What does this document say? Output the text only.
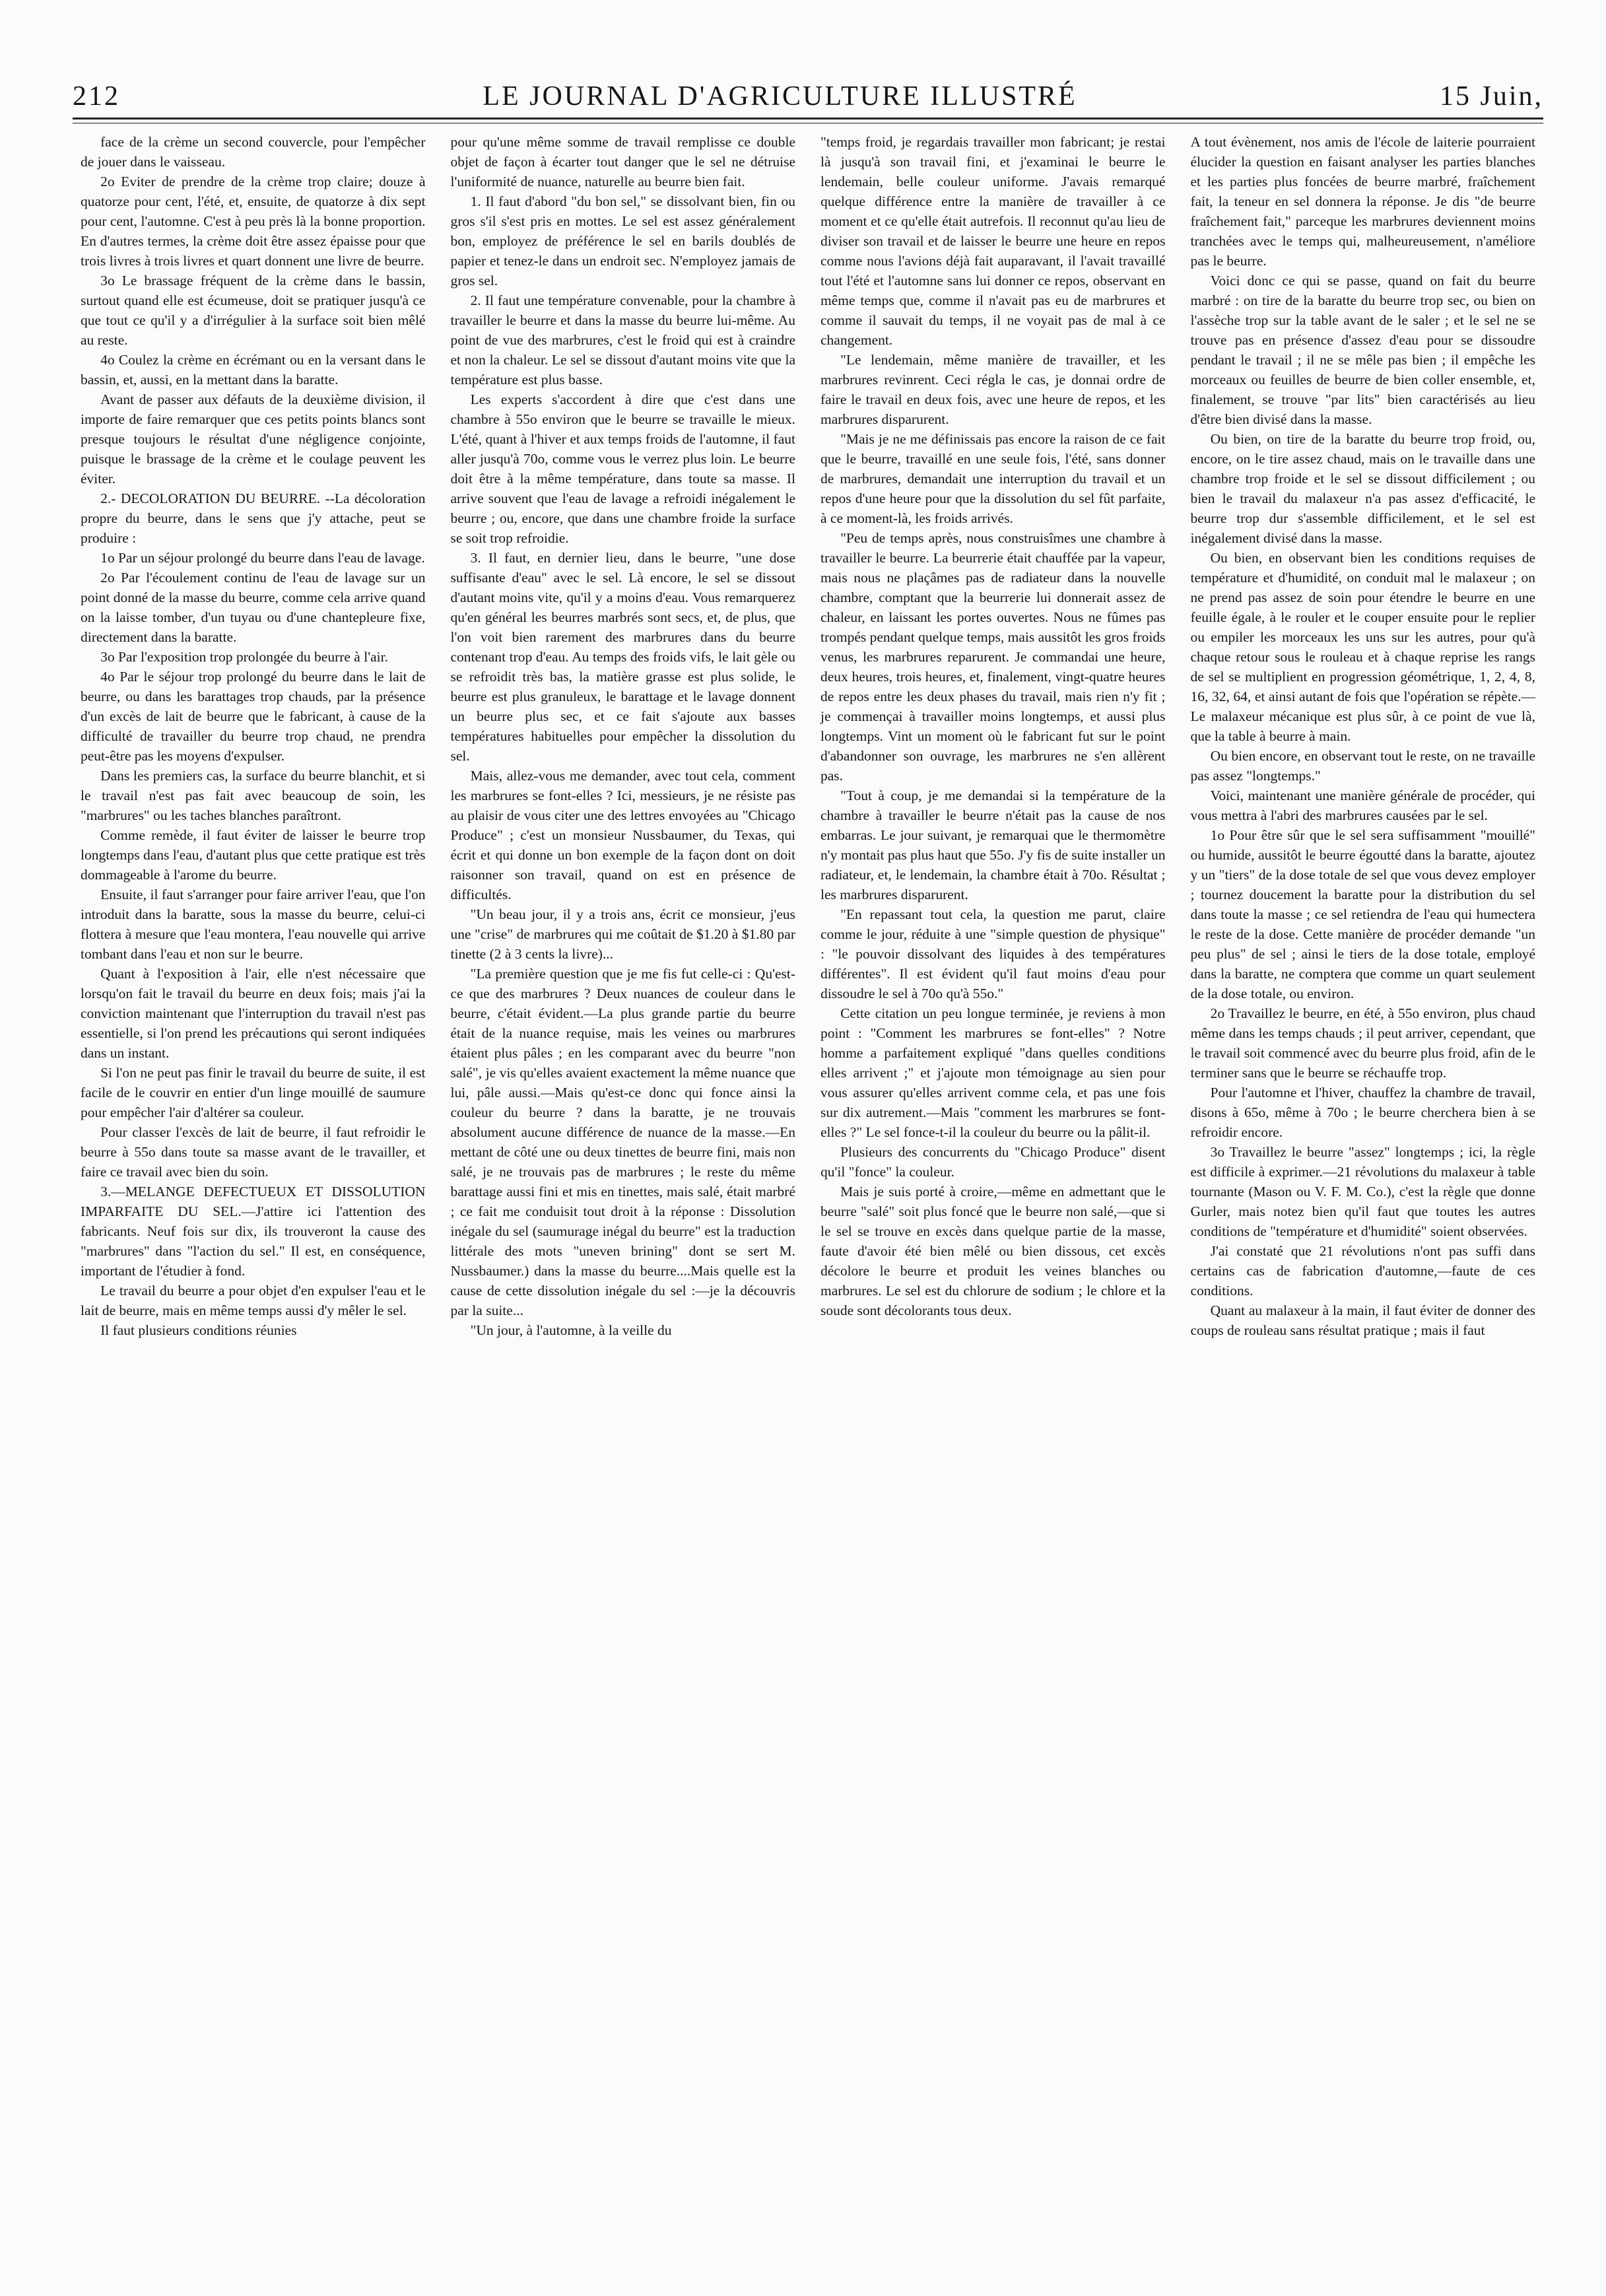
212	LE JOURNAL D'AGRICULTURE ILLUSTRÉ	15 Juin,

face de la crème un second couvercle, pour l'empêcher de jouer dans le vaisseau.

2o Eviter de prendre de la crème trop claire; douze à quatorze pour cent, l'été, et, ensuite, de quatorze à dix sept pour cent, l'automne. C'est à peu près là la bonne proportion. En d'autres termes, la crème doit être assez épaisse pour que trois livres à trois livres et quart donnent une livre de beurre.

3o Le brassage fréquent de la crème dans le bassin, surtout quand elle est écumeuse, doit se pratiquer jusqu'à ce que tout ce qu'il y a d'irrégulier à la surface soit bien mêlé au reste.

4o Coulez la crème en écrémant ou en la versant dans le bassin, et, aussi, en la mettant dans la baratte.

Avant de passer aux défauts de la deuxième division, il importe de faire remarquer que ces petits points blancs sont presque toujours le résultat d'une négligence conjointe, puisque le brassage de la crème et le coulage peuvent les éviter.

2.- DECOLORATION DU BEURRE. --La décoloration propre du beurre, dans le sens que j'y attache, peut se produire :

1o Par un séjour prolongé du beurre dans l'eau de lavage.

2o Par l'écoulement continu de l'eau de lavage sur un point donné de la masse du beurre, comme cela arrive quand on la laisse tomber, d'un tuyau ou d'une chantepleure fixe, directement dans la baratte.

3o Par l'exposition trop prolongée du beurre à l'air.

4o Par le séjour trop prolongé du beurre dans le lait de beurre, ou dans les barattages trop chauds, par la présence d'un excès de lait de beurre que le fabricant, à cause de la difficulté de travailler du beurre trop chaud, ne prendra peut-être pas les moyens d'expulser.

Dans les premiers cas, la surface du beurre blanchit, et si le travail n'est pas fait avec beaucoup de soin, les "marbrures" ou les taches blanches paraîtront.

Comme remède, il faut éviter de laisser le beurre trop longtemps dans l'eau, d'autant plus que cette pratique est très dommageable à l'arome du beurre.

Ensuite, il faut s'arranger pour faire arriver l'eau, que l'on introduit dans la baratte, sous la masse du beurre, celui-ci flottera à mesure que l'eau montera, l'eau nouvelle qui arrive tombant dans l'eau et non sur le beurre.

Quant à l'exposition à l'air, elle n'est nécessaire que lorsqu'on fait le travail du beurre en deux fois; mais j'ai la conviction maintenant que l'interruption du travail n'est pas essentielle, si l'on prend les précautions qui seront indiquées dans un instant.

Si l'on ne peut pas finir le travail du beurre de suite, il est facile de le couvrir en entier d'un linge mouillé de saumure pour empêcher l'air d'altérer sa couleur.

Pour classer l'excès de lait de beurre, il faut refroidir le beurre à 55o dans toute sa masse avant de le travailler, et faire ce travail avec bien du soin.

3.—MELANGE DEFECTUEUX ET DISSOLUTION IMPARFAITE DU SEL.—J'attire ici l'attention des fabricants. Neuf fois sur dix, ils trouveront la cause des "marbrures" dans "l'action du sel." Il est, en conséquence, important de l'étudier à fond.

Le travail du beurre a pour objet d'en expulser l'eau et le lait de beurre, mais en même temps aussi d'y mêler le sel.

Il faut plusieurs conditions réunies

pour qu'une même somme de travail remplisse ce double objet de façon à écarter tout danger que le sel ne détruise l'uniformité de nuance, naturelle au beurre bien fait.

1. Il faut d'abord "du bon sel," se dissolvant bien, fin ou gros s'il s'est pris en mottes. Le sel est assez généralement bon, employez de préférence le sel en barils doublés de papier et tenez-le dans un endroit sec. N'employez jamais de gros sel.

2. Il faut une température convenable, pour la chambre à travailler le beurre et dans la masse du beurre lui-même. Au point de vue des marbrures, c'est le froid qui est à craindre et non la chaleur. Le sel se dissout d'autant moins vite que la température est plus basse.

Les experts s'accordent à dire que c'est dans une chambre à 55o environ que le beurre se travaille le mieux. L'été, quant à l'hiver et aux temps froids de l'automne, il faut aller jusqu'à 70o, comme vous le verrez plus loin. Le beurre doit être à la même température, dans toute sa masse. Il arrive souvent que l'eau de lavage a refroidi inégalement le beurre ; ou, encore, que dans une chambre froide la surface se soit trop refroidie.

3. Il faut, en dernier lieu, dans le beurre, "une dose suffisante d'eau" avec le sel. Là encore, le sel se dissout d'autant moins vite, qu'il y a moins d'eau. Vous remarquerez qu'en général les beurres marbrés sont secs, et, de plus, que l'on voit bien rarement des marbrures dans du beurre contenant trop d'eau. Au temps des froids vifs, le lait gèle ou se refroidit très bas, la matière grasse est plus solide, le beurre est plus granuleux, le barattage et le lavage donnent un beurre plus sec, et ce fait s'ajoute aux basses températures habituelles pour empêcher la dissolution du sel.

Mais, allez-vous me demander, avec tout cela, comment les marbrures se font-elles ? Ici, messieurs, je ne résiste pas au plaisir de vous citer une des lettres envoyées au "Chicago Produce" ; c'est un monsieur Nussbaumer, du Texas, qui écrit et qui donne un bon exemple de la façon dont on doit raisonner son travail, quand on est en présence de difficultés.

"Un beau jour, il y a trois ans, écrit ce monsieur, j'eus une "crise" de marbrures qui me coûtait de $1.20 à $1.80 par tinette (2 à 3 cents la livre)...

"La première question que je me fis fut celle-ci : Qu'est-ce que des marbrures ? Deux nuances de couleur dans le beurre, c'était évident.—La plus grande partie du beurre était de la nuance requise, mais les veines ou marbrures étaient plus pâles ; en les comparant avec du beurre "non salé", je vis qu'elles avaient exactement la même nuance que lui, pâle aussi.—Mais qu'est-ce donc qui fonce ainsi la couleur du beurre ? dans la baratte, je ne trouvais absolument aucune différence de nuance de la masse.—En mettant de côté une ou deux tinettes de beurre fini, mais non salé, je ne trouvais pas de marbrures ; le reste du même barattage aussi fini et mis en tinettes, mais salé, était marbré ; ce fait me conduisit tout droit à la réponse : Dissolution inégale du sel (saumurage inégal du beurre" est la traduction littérale des mots "uneven brining" dont se sert M. Nussbaumer.) dans la masse du beurre....Mais quelle est la cause de cette dissolution inégale du sel :—je la découvris par la suite...

"Un jour, à l'automne, à la veille du

"temps froid, je regardais travailler mon fabricant; je restai là jusqu'à son travail fini, et j'examinai le beurre le lendemain, belle couleur uniforme. J'avais remarqué quelque différence entre la manière de travailler à ce moment et ce qu'elle était autrefois. Il reconnut qu'au lieu de diviser son travail et de laisser le beurre une heure en repos comme nous l'avions déjà fait auparavant, il l'avait travaillé tout l'été et l'automne sans lui donner ce repos, observant en même temps que, comme il n'avait pas eu de marbrures et comme il sauvait du temps, il ne voyait pas de mal à ce changement.

"Le lendemain, même manière de travailler, et les marbrures revinrent. Ceci régla le cas, je donnai ordre de faire le travail en deux fois, avec une heure de repos, et les marbrures disparurent.

"Mais je ne me définissais pas encore la raison de ce fait que le beurre, travaillé en une seule fois, l'été, sans donner de marbrures, demandait une interruption du travail et un repos d'une heure pour que la dissolution du sel fût parfaite, à ce moment-là, les froids arrivés.

"Peu de temps après, nous construisîmes une chambre à travailler le beurre. La beurrerie était chauffée par la vapeur, mais nous ne plaçâmes pas de radiateur dans la nouvelle chambre, comptant que la beurrerie lui donnerait assez de chaleur, en laissant les portes ouvertes. Nous ne fûmes pas trompés pendant quelque temps, mais aussitôt les gros froids venus, les marbrures reparurent. Je commandai une heure, deux heures, trois heures, et, finalement, vingt-quatre heures de repos entre les deux phases du travail, mais rien n'y fit ; je commençai à travailler moins longtemps, et aussi plus longtemps. Vint un moment où le fabricant fut sur le point d'abandonner son ouvrage, les marbrures ne s'en allèrent pas.

"Tout à coup, je me demandai si la température de la chambre à travailler le beurre n'était pas la cause de nos embarras. Le jour suivant, je remarquai que le thermomètre n'y montait pas plus haut que 55o. J'y fis de suite installer un radiateur, et, le lendemain, la chambre était à 70o. Résultat ; les marbrures disparurent.

"En repassant tout cela, la question me parut, claire comme le jour, réduite à une "simple question de physique" : "le pouvoir dissolvant des liquides à des températures différentes". Il est évident qu'il faut moins d'eau pour dissoudre le sel à 70o qu'à 55o."

Cette citation un peu longue terminée, je reviens à mon point : "Comment les marbrures se font-elles" ? Notre homme a parfaitement expliqué "dans quelles conditions elles arrivent ;" et j'ajoute mon témoignage au sien pour vous assurer qu'elles arrivent comme cela, et pas une fois sur dix autrement.—Mais "comment les marbrures se font-elles ?" Le sel fonce-t-il la couleur du beurre ou la pâlit-il.

Plusieurs des concurrents du "Chicago Produce" disent qu'il "fonce" la couleur.

Mais je suis porté à croire,—même en admettant que le beurre "salé" soit plus foncé que le beurre non salé,—que si le sel se trouve en excès dans quelque partie de la masse, faute d'avoir été bien mêlé ou bien dissous, cet excès décolore le beurre et produit les veines blanches ou marbrures. Le sel est du chlorure de sodium ; le chlore et la soude sont décolorants tous deux.

A tout évènement, nos amis de l'école de laiterie pourraient élucider la question en faisant analyser les parties blanches et les parties plus foncées de beurre marbré, fraîchement fait, la teneur en sel donnera la réponse. Je dis "de beurre fraîchement fait," parceque les marbrures deviennent moins tranchées avec le temps qui, malheureusement, n'améliore pas le beurre.

Voici donc ce qui se passe, quand on fait du beurre marbré : on tire de la baratte du beurre trop sec, ou bien on l'assèche trop sur la table avant de le saler ; et le sel ne se trouve pas en présence d'assez d'eau pour se dissoudre pendant le travail ; il ne se mêle pas bien ; il empêche les morceaux ou feuilles de beurre de bien coller ensemble, et, finalement, se trouve "par lits" bien caractérisés au lieu d'être bien divisé dans la masse.

Ou bien, on tire de la baratte du beurre trop froid, ou, encore, on le tire assez chaud, mais on le travaille dans une chambre trop froide et le sel se dissout difficilement ; ou bien le travail du malaxeur n'a pas assez d'efficacité, le beurre trop dur s'assemble difficilement, et le sel est inégalement divisé dans la masse.

Ou bien, en observant bien les conditions requises de température et d'humidité, on conduit mal le malaxeur ; on ne prend pas assez de soin pour étendre le beurre en une feuille égale, à le rouler et le couper ensuite pour le replier ou empiler les morceaux les uns sur les autres, pour qu'à chaque retour sous le rouleau et à chaque reprise les rangs de sel se multiplient en progression géométrique, 1, 2, 4, 8, 16, 32, 64, et ainsi autant de fois que l'opération se répète.— Le malaxeur mécanique est plus sûr, à ce point de vue là, que la table à beurre à main.

Ou bien encore, en observant tout le reste, on ne travaille pas assez "longtemps."

Voici, maintenant une manière générale de procéder, qui vous mettra à l'abri des marbrures causées par le sel.

1o Pour être sûr que le sel sera suffisamment "mouillé" ou humide, aussitôt le beurre égoutté dans la baratte, ajoutez y un "tiers" de la dose totale de sel que vous devez employer ; tournez doucement la baratte pour la distribution du sel dans toute la masse ; ce sel retiendra de l'eau qui humectera le reste de la dose. Cette manière de procéder demande "un peu plus" de sel ; ainsi le tiers de la dose totale, employé dans la baratte, ne comptera que comme un quart seulement de la dose totale, ou environ.

2o Travaillez le beurre, en été, à 55o environ, plus chaud même dans les temps chauds ; il peut arriver, cependant, que le travail soit commencé avec du beurre plus froid, afin de le terminer sans que le beurre se réchauffe trop.

Pour l'automne et l'hiver, chauffez la chambre de travail, disons à 65o, même à 70o ; le beurre cherchera bien à se refroidir encore.

3o Travaillez le beurre "assez" longtemps ; ici, la règle est difficile à exprimer.—21 révolutions du malaxeur à table tournante (Mason ou V. F. M. Co.), c'est la règle que donne Gurler, mais notez bien qu'il faut que toutes les autres conditions de "température et d'humidité" soient observées.

J'ai constaté que 21 révolutions n'ont pas suffi dans certains cas de fabrication d'automne,—faute de ces conditions.

Quant au malaxeur à la main, il faut éviter de donner des coups de rouleau sans résultat pratique ; mais il faut
